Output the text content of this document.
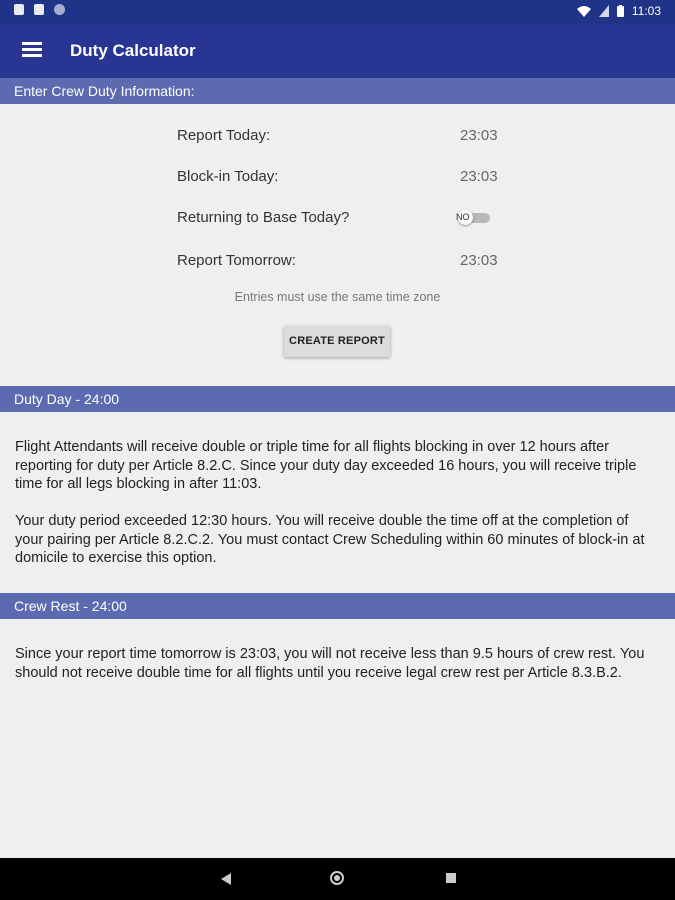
11:03
Duty Calculator
Enter Crew Duty Information:
Report Today:	23:03
Block-in Today:	23:03
Returning to Base Today?	NO
Report Tomorrow:	23:03
Entries must use the same time zone
CREATE REPORT
Duty Day - 24:00
Flight Attendants will receive double or triple time for all flights blocking in over 12 hours after reporting for duty per Article 8.2.C. Since your duty day exceeded 16 hours, you will receive triple time for all legs blocking in after 11:03.
Your duty period exceeded 12:30 hours. You will receive double the time off at the completion of your pairing per Article 8.2.C.2. You must contact Crew Scheduling within 60 minutes of block-in at domicile to exercise this option.
Crew Rest - 24:00
Since your report time tomorrow is 23:03, you will not receive less than 9.5 hours of crew rest. You should not receive double time for all flights until you receive legal crew rest per Article 8.3.B.2.
